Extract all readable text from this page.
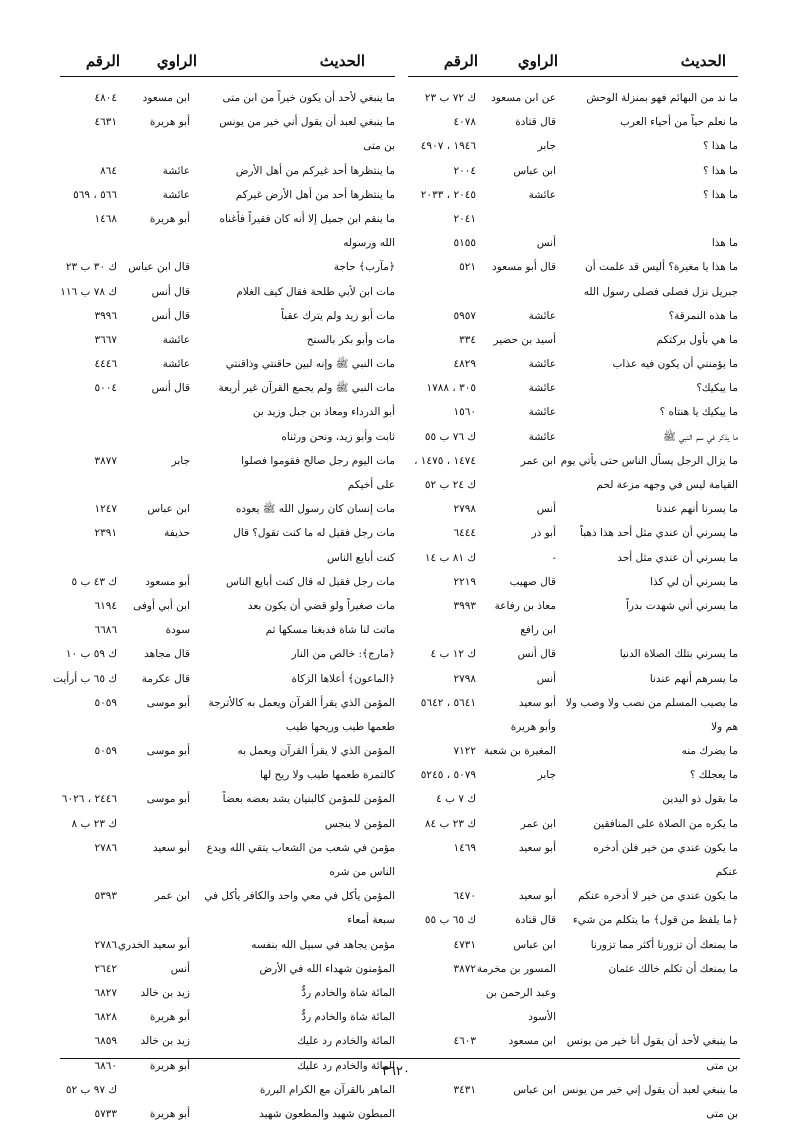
الحديث
الراوي
الرقم
ما ند من البهائم فهو بمنزلة الوحش
عن ابن مسعود
ك ٧٢ ب ٢٣
ما نعلم حياً من أحياء العرب
قال قتادة
٤٠٧٨
ما هذا ؟
جابر
١٩٤٦ ، ٤٩٠٧
ما هذا ؟
ابن عباس
٢٠٠٤
ما هذا ؟
عائشة
٢٠٤٥ ، ٢٠٣٣
٢٠٤١
ما هذا
أنس
٥١٥٥
ما هذا يا مغيرة؟ أليس قد علمت أن
قال أبو مسعود
٥٢١
جبريل نزل فصلى فصلى رسول الله
ما هذه النمرقة؟
عائشة
٥٩٥٧
ما هي بأول بركتكم
أسيد بن حضير
٣٣٤
ما يؤمنني أن يكون فيه عذاب
عائشة
٤٨٢٩
ما يبكيك؟
عائشة
٣٠٥ ، ١٧٨٨
ما يبكيك يا هنتاه ؟
عائشة
١٥٦٠
ما يذكر في سم النبي ﷺ
عائشة
ك ٧٦ ب ٥٥
ما يزال الرجل يسأل الناس حتى يأتي يوم
ابن عمر
١٤٧٤ ، ١٤٧٥ ،
القيامة ليس في وجهه مزعة لحم
ك ٢٤ ب ٥٢
ما يسرنا أنهم عندنا
أنس
٢٧٩٨
ما يسرني أن عندي مثل أحد هذا ذهباً
أبو ذر
٦٤٤٤
ما يسرني أن عندي مثل أحد
-
ك ٨١ ب ١٤
ما يسرني أن لي كذا
قال صهيب
٢٢١٩
ما يسرني أني شهدت بدراً
معاذ بن رفاعة
٣٩٩٣
ابن رافع
ما يسرني بتلك الصلاة الدنيا
قال أنس
ك ١٢ ب ٤
ما يسرهم أنهم عندنا
أنس
٢٧٩٨
ما يصيب المسلم من نصب ولا وصب ولا
أبو سعيد
٥٦٤١ ، ٥٦٤٢
هم ولا
وأبو هريرة
ما يضرك منه
المغيرة بن شعبة
٧١٢٢
ما يعجلك ؟
جابر
٥٠٧٩ ، ٥٢٤٥
ما يقول ذو اليدين
ك ٧ ب ٤
ما يكره من الصلاة على المنافقين
ابن عمر
ك ٢٣ ب ٨٤
ما يكون عندي من خير فلن أدخره
أبو سعيد
١٤٦٩
عنكم
ما يكون عندي من خير لا أدخره عنكم
أبو سعيد
٦٤٧٠
﴿ما يلفظ من قول﴾ ما يتكلم من شيء
قال قتادة
ك ٦٥ ب ٥٥
ما يمنعك أن تزورنا أكثر مما تزورنا
ابن عباس
٤٧٣١
ما يمنعك أن تكلم خالك عثمان
المسور بن مخرمة
٣٨٧٢
وعبد الرحمن بن
الأسود
ما ينبغي لأحد أن يقول أنا خير من يونس
ابن مسعود
٤٦٠٣
بن متى
ما ينبغي لعبد أن يقول إني خير من يونس
ابن عباس
٣٤٣١
بن متى
الحديث
الراوي
الرقم
ما ينبغي لأحد أن يكون خيراً من ابن متى
ابن مسعود
٤٨٠٤
ما ينبغي لعبد أن يقول أني خير من يونس
أبو هريرة
٤٦٣١
بن متى
ما ينتظرها أحد غيركم من أهل الأرض
عائشة
٨٦٤
ما ينتظرها أحد من أهل الأرض غيركم
عائشة
٥٦٦ ، ٥٦٩
ما ينقم ابن جميل إلا أنه كان فقيراً فأغناه
أبو هريرة
١٤٦٨
الله ورسوله
﴿مآرب﴾ حاجة
قال ابن عباس
ك ٣٠ ب ٢٣
مات ابن لأبي طلحة فقال كيف الغلام
قال أنس
ك ٧٨ ب ١١٦
مات أبو زيد ولم يترك عقباً
قال أنس
٣٩٩٦
مات وأبو بكر بالسنح
عائشة
٣٦٦٧
مات النبي ﷺ وإنه لبين حاقنتي وذاقنتي
عائشة
٤٤٤٦
مات النبي ﷺ ولم يجمع القرآن غير أربعة
قال أنس
٥٠٠٤
أبو الدرداء ومعاذ بن جبل وزيد بن
ثابت وأبو زيد، ونحن ورثناه
مات اليوم رجل صالح فقوموا فصلوا
جابر
٣٨٧٧
على أخيكم
مات إنسان كان رسول الله ﷺ يعوده
ابن عباس
١٢٤٧
مات رجل فقيل له ما كنت تقول؟ قال
حذيفة
٢٣٩١
كنت أبايع الناس
مات رجل فقيل له قال كنت أبايع الناس
أبو مسعود
ك ٤٣ ب ٥
مات صغيراً ولو قضي أن يكون بعد
ابن أبي أوفى
٦١٩٤
ماتت لنا شاة فدبغنا مسكها ثم
سودة
٦٦٨٦
﴿مارج﴾: خالص من النار
قال مجاهد
ك ٥٩ ب ١٠
﴿الماعون﴾ أعلاها الزكاة
قال عكرمة
ك ٦٥ ب أرأيت
المؤمن الذي يقرأ القرآن ويعمل به كالأترجة
أبو موسى
٥٠٥٩
طعمها طيب وريحها طيب
المؤمن الذي لا يقرأ القرآن ويعمل به
أبو موسى
٥٠٥٩
كالتمرة طعمها طيب ولا ريح لها
المؤمن للمؤمن كالبنيان يشد بعضه بعضاً
أبو موسى
٢٤٤٦ ، ٦٠٢٦
المؤمن لا ينجس
ك ٢٣ ب ٨
مؤمن في شعب من الشعاب يتقي الله ويدع
أبو سعيد
٢٧٨٦
الناس من شره
المؤمن يأكل في معي واحد والكافر يأكل في
ابن عمر
٥٣٩٣
سبعة أمعاء
مؤمن يجاهد في سبيل الله بنفسه
أبو سعيد الخدري
٢٧٨٦
المؤمنون شهداء الله في الأرض
أنس
٢٦٤٢
المائة شاة والخادم ردٌّ
زيد بن خالد
٦٨٢٧
المائة شاة والخادم ردٌّ
أبو هريرة
٦٨٢٨
المائة والخادم رد عليك
زيد بن خالد
٦٨٥٩
المائة والخادم رد عليك
أبو هريرة
٦٨٦٠
الماهر بالقرآن مع الكرام البررة
ك ٩٧ ب ٥٢
المبطون شهيد والمطعون شهيد
أبو هريرة
٥٧٣٣
٣٦٢٠
